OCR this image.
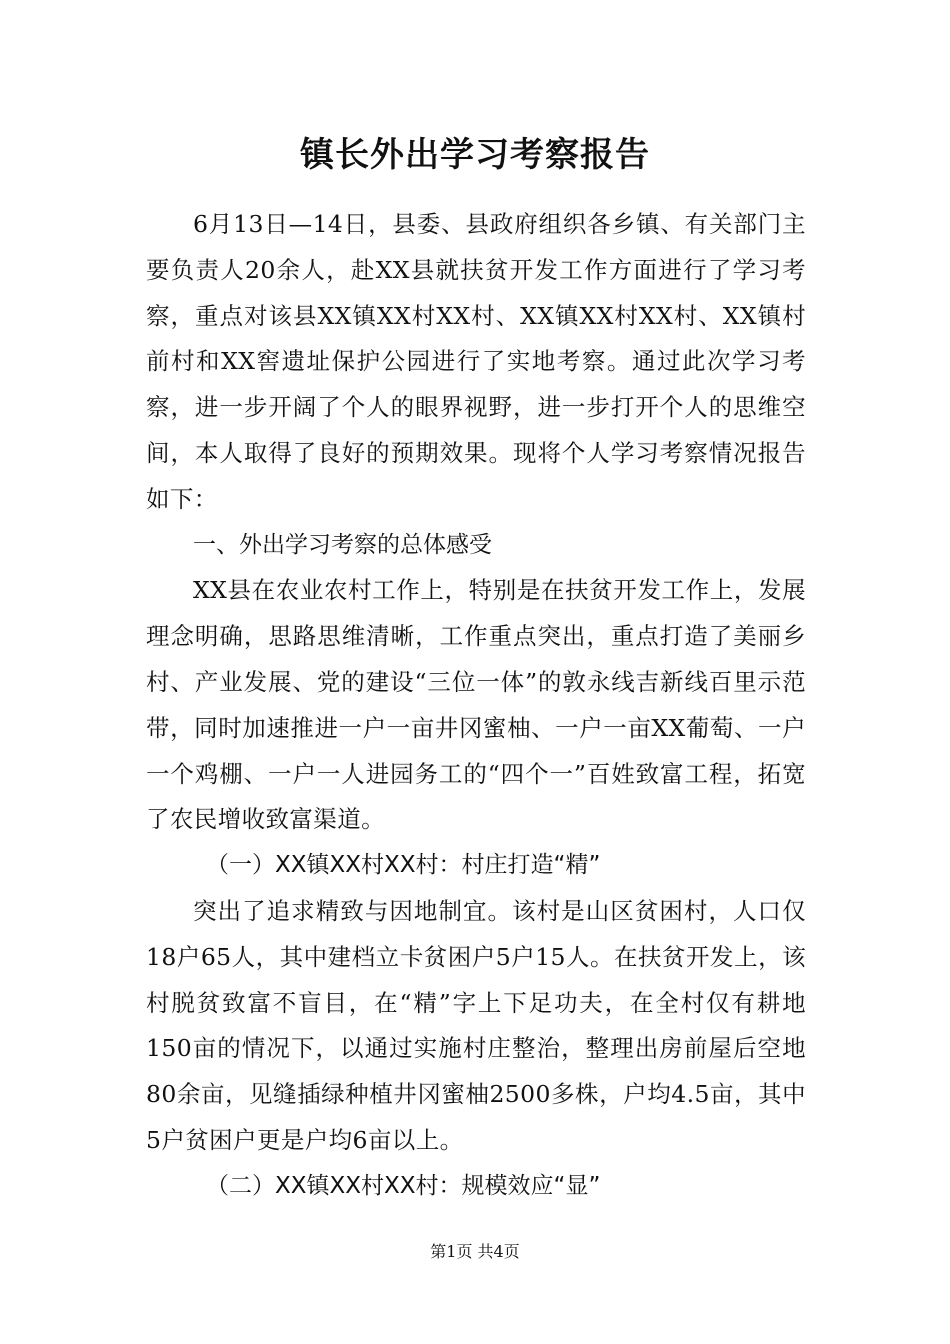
镇长外出学习考察报告

6月13日—14日，县委、县政府组织各乡镇、有关部门主要负责人20余人，赴XX县就扶贫开发工作方面进行了学习考察，重点对该县XX镇XX村XX村、XX镇XX村XX村、XX镇村前村和XX窖遗址保护公园进行了实地考察。通过此次学习考察，进一步开阔了个人的眼界视野，进一步打开个人的思维空间，本人取得了良好的预期效果。现将个人学习考察情况报告如下：

一、外出学习考察的总体感受

XX县在农业农村工作上，特别是在扶贫开发工作上，发展理念明确，思路思维清晰，工作重点突出，重点打造了美丽乡村、产业发展、党的建设“三位一体”的敦永线吉新线百里示范带，同时加速推进一户一亩井冈蜜柚、一户一亩XX葡萄、一户一个鸡棚、一户一人进园务工的“四个一”百姓致富工程，拓宽了农民增收致富渠道。

（一）XX镇XX村XX村：村庄打造“精”

突出了追求精致与因地制宜。该村是山区贫困村，人口仅18户65人，其中建档立卡贫困户5户15人。在扶贫开发上，该村脱贫致富不盲目，在“精”字上下足功夫，在全村仅有耕地150亩的情况下，以通过实施村庄整治，整理出房前屋后空地80余亩，见缝插绿种植井冈蜜柚2500多株，户均4.5亩，其中5户贫困户更是户均6亩以上。

（二）XX镇XX村XX村：规模效应“显”

第1页 共4页
